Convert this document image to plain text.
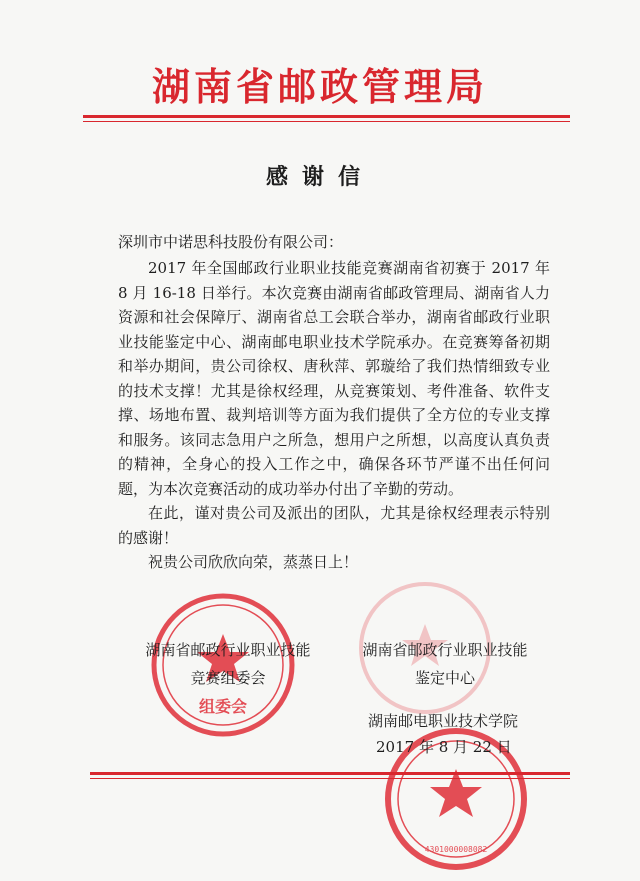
湖南省邮政管理局
感谢信
深圳市中诺思科技股份有限公司：

2017 年全国邮政行业职业技能竞赛湖南省初赛于 2017 年 8 月 16-18 日举行。本次竞赛由湖南省邮政管理局、湖南省人力资源和社会保障厅、湖南省总工会联合举办，湖南省邮政行业职业技能鉴定中心、湖南邮电职业技术学院承办。在竞赛筹备初期和举办期间，贵公司徐权、唐秋萍、郭璇给了我们热情细致专业的技术支撑！尤其是徐权经理，从竞赛策划、考件准备、软件支撑、场地布置、裁判培训等方面为我们提供了全方位的专业支撑和服务。该同志急用户之所急，想用户之所想，以高度认真负责的精神，全身心的投入工作之中，确保各环节严谨不出任何问题，为本次竞赛活动的成功举办付出了辛勤的劳动。

在此，谨对贵公司及派出的团队，尤其是徐权经理表示特别的感谢！

祝贵公司欣欣向荣，蒸蒸日上！

组委会
4301000008082
湖南省邮政行业职业技能
竞赛组委会
湖南省邮政行业职业技能
鉴定中心
湖南邮电职业技术学院
2017 年 8 月 22 日
